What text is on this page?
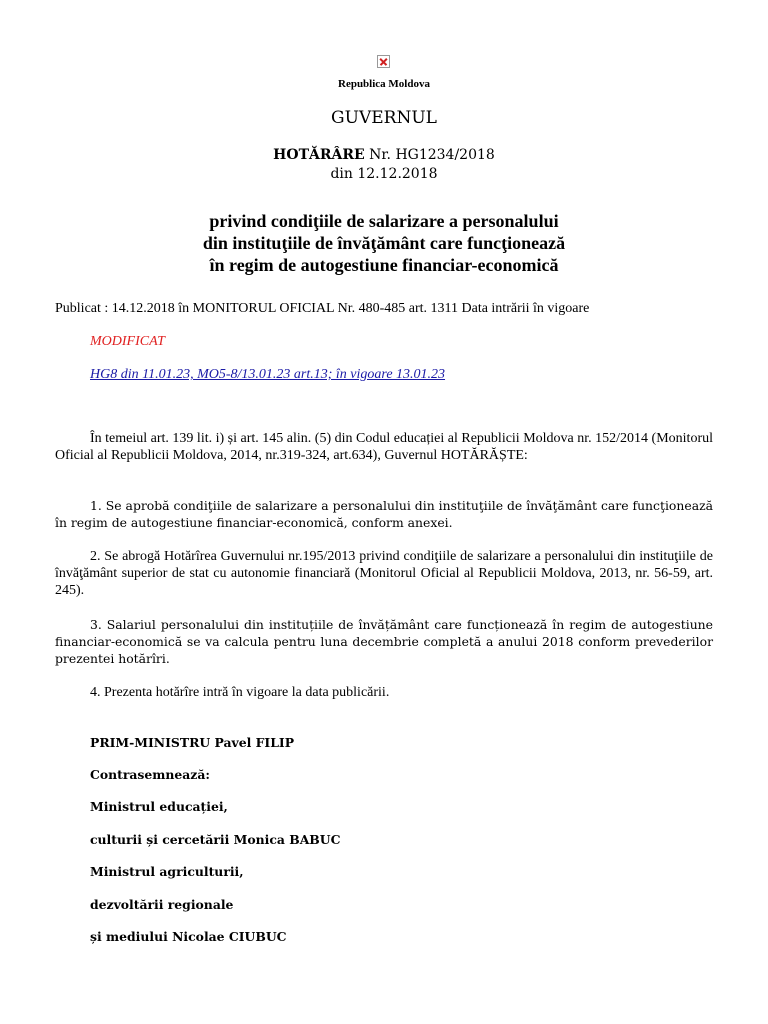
Republica Moldova
GUVERNUL
HOTĂRÂRE Nr. HG1234/2018
din 12.12.2018
privind condiţiile de salarizare a personalului
din instituţiile de învăţământ care funcţionează
în regim de autogestiune financiar-economică
Publicat : 14.12.2018 în MONITORUL OFICIAL Nr. 480-485 art. 1311 Data intrării în vigoare
MODIFICAT
HG8 din 11.01.23, MO5-8/13.01.23 art.13; în vigoare 13.01.23
În temeiul art. 139 lit. i) și art. 145 alin. (5) din Codul educației al Republicii Moldova nr. 152/2014 (Monitorul Oficial al Republicii Moldova, 2014, nr.319-324, art.634), Guvernul HOTĂRĂȘTE:
1. Se aprobă condiţiile de salarizare a personalului din instituţiile de învăţământ care funcţionează în regim de autogestiune financiar-economică, conform anexei.
2. Se abrogă Hotărîrea Guvernului nr.195/2013 privind condiţiile de salarizare a personalului din instituţiile de învăţământ superior de stat cu autonomie financiară (Monitorul Oficial al Republicii Moldova, 2013, nr. 56-59, art. 245).
3. Salariul personalului din instituțiile de învățământ care funcționează în regim de autogestiune financiar-economică se va calcula pentru luna decembrie completă a anului 2018 conform prevederilor prezentei hotărîri.
4. Prezenta hotărîre intră în vigoare la data publicării.
PRIM-MINISTRU Pavel FILIP
Contrasemnează:
Ministrul educației,
culturii și cercetării Monica BABUC
Ministrul agriculturii,
dezvoltării regionale
și mediului Nicolae CIUBUC
